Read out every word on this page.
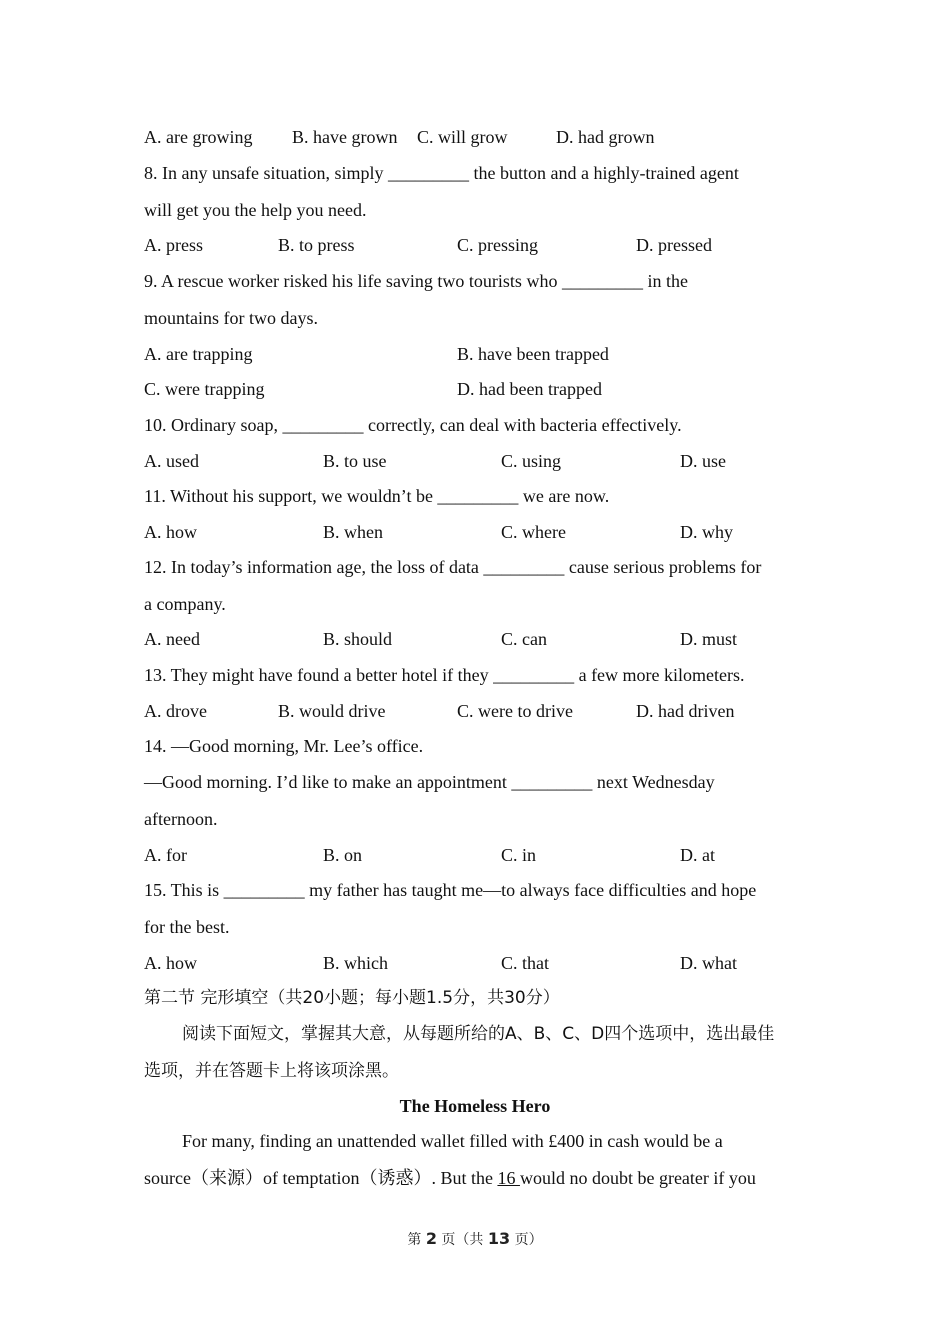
A. are growing B. have grown C. will grow	D. had grown
8. In any unsafe situation, simply _________ the button and a highly-trained agent
will get you the help you need.
A. press	B. to press	C. pressing	D. pressed
9. A rescue worker risked his life saving two tourists who _________ in the
mountains for two days.
A. are trapping	B. have been trapped
C. were trapping	D. had been trapped
10. Ordinary soap, _________ correctly, can deal with bacteria effectively.
A. used	B. to use	C. using	D. use
11. Without his support, we wouldn’t be _________ we are now.
A. how	B. when	C. where	D. why
12. In today’s information age, the loss of data _________ cause serious problems for
a company.
A. need	B. should	C. can	D. must
13. They might have found a better hotel if they _________ a few more kilometers.
A. drove	B. would drive	C. were to drive	D. had driven
14. —Good morning, Mr. Lee’s office.
—Good morning. I’d like to make an appointment _________ next Wednesday
afternoon.
A. for	B. on	C. in	D. at
15. This is _________ my father has taught me—to always face difficulties and hope
for the best.
A. how	B. which	C. that	D. what
第二节 完形填空（共20小题；每小题1.5分，共30分）
阅读下面短文，掌握其大意，从每题所给的A、B、C、D四个选项中，选出最佳
选项，并在答题卡上将该项涂黑。
The Homeless Hero
For many, finding an unattended wallet filled with £400 in cash would be a
source（来源）of temptation（诱惑）. But the 16 would no doubt be greater if you
第 2 页（共 13 页）
